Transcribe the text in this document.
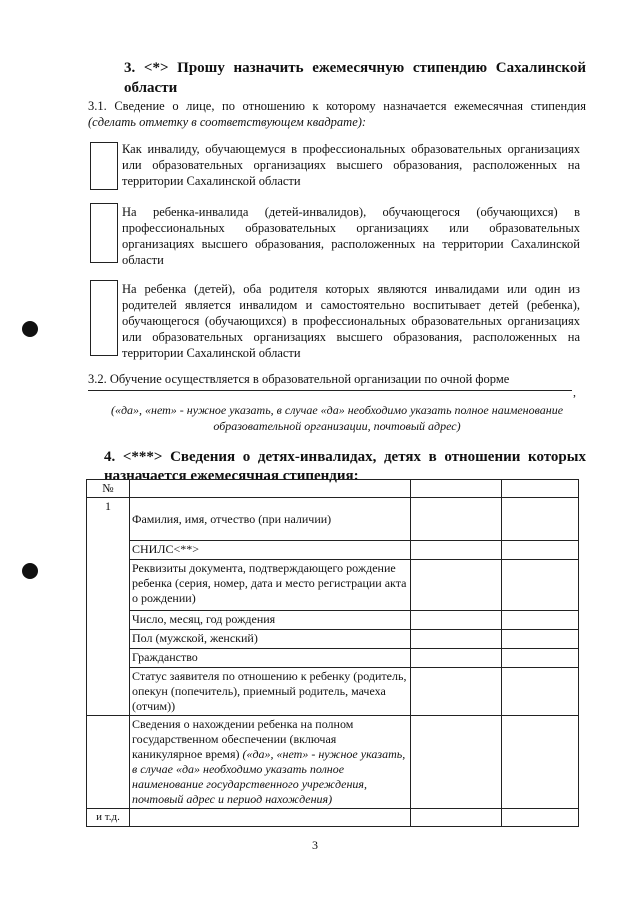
3. <*> Прошу назначить ежемесячную стипендию Сахалинской области
3.1. Сведение о лице, по отношению к которому назначается ежемесячная стипендия (сделать отметку в соответствующем квадрате):
Как инвалиду, обучающемуся в профессиональных образовательных организациях или образовательных организациях высшего образования, расположенных на территории Сахалинской области
На ребенка-инвалида (детей-инвалидов), обучающегося (обучающихся) в профессиональных образовательных организациях или образовательных организациях высшего образования, расположенных на территории Сахалинской области
На ребенка (детей), оба родителя которых являются инвалидами или один из родителей является инвалидом и самостоятельно воспитывает детей (ребенка), обучающегося (обучающихся) в профессиональных образовательных организациях или образовательных организациях высшего образования, расположенных на территории Сахалинской области
3.2. Обучение осуществляется в образовательной организации по очной форме
,
(«да», «нет» - нужное указать, в случае «да» необходимо указать полное наименование образовательной организации, почтовый адрес)
4. <***> Сведения о детях-инвалидах, детях в отношении которых назначается ежемесячная стипендия:
№			
1	Фамилия, имя, отчество (при наличии)		
	СНИЛС<**>		
	Реквизиты документа, подтверждающего рождение ребенка (серия, номер, дата и место регистрации акта о рождении)		
	Число, месяц, год рождения		
	Пол (мужской, женский)		
	Гражданство		
	Статус заявителя по отношению к ребенку (родитель, опекун (попечитель), приемный родитель, мачеха (отчим))		
	Сведения о нахождении ребенка на полном государственном обеспечении (включая каникулярное время) («да», «нет» - нужное указать, в случае «да» необходимо указать полное наименование государственного учреждения, почтовый адрес и период нахождения)		
и т.д.			
3
